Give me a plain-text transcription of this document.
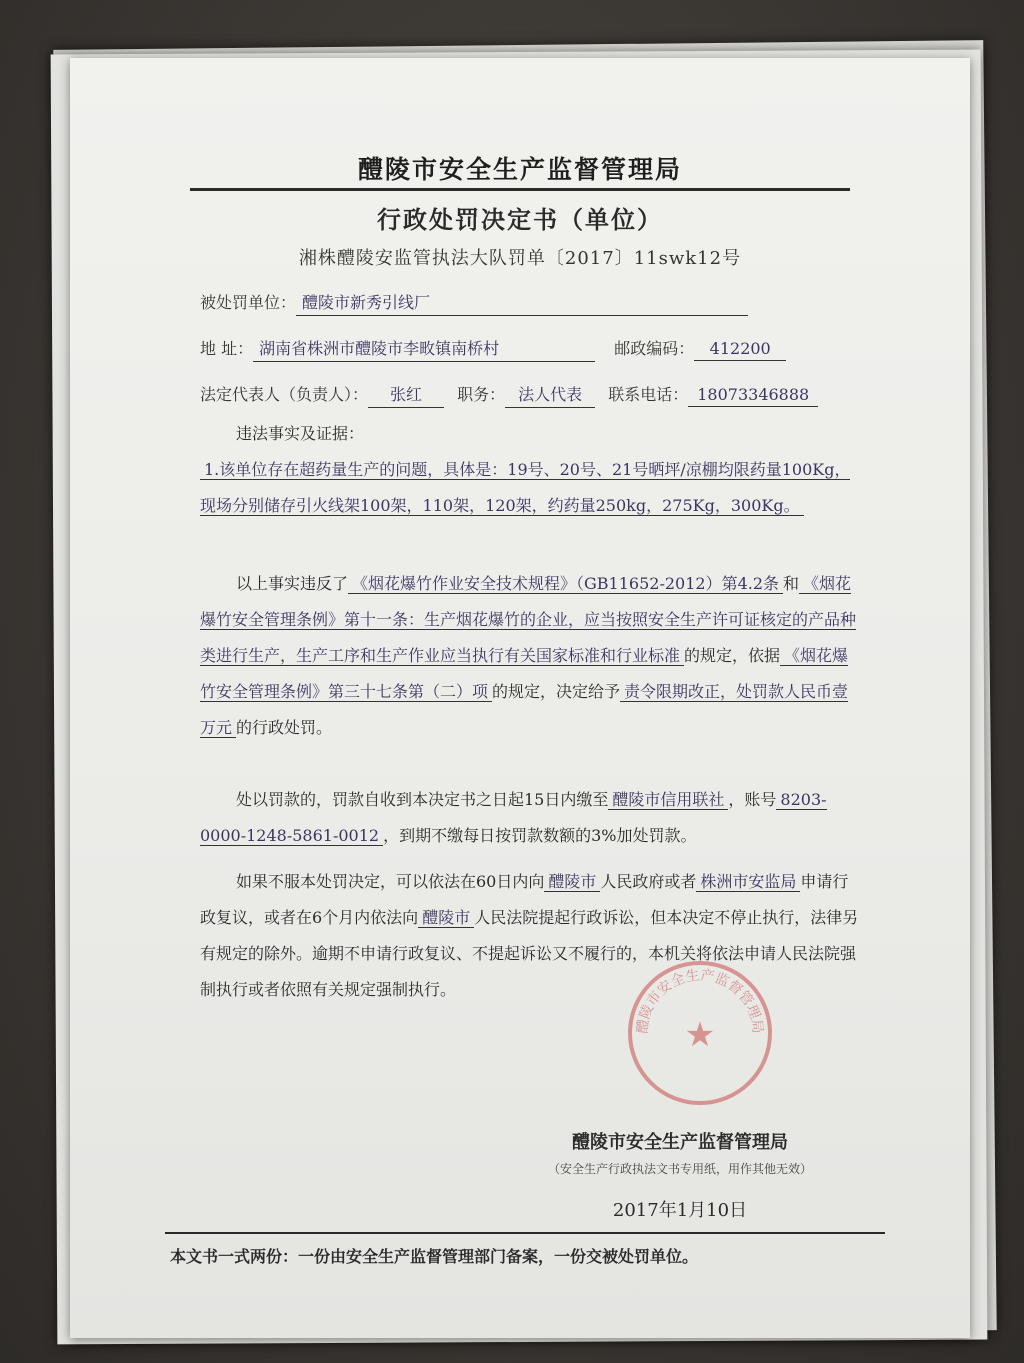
醴陵市安全生产监督管理局
行政处罚决定书（单位）
湘株醴陵安监管执法大队罚单〔2017〕11swk12号
被处罚单位： 醴陵市新秀引线厂
地 址： 湖南省株洲市醴陵市李畋镇南桥村	邮政编码： 412200
法定代表人（负责人）： 张红 职务： 法人代表 联系电话： 18073346888
违法事实及证据：
1.该单位存在超药量生产的问题，具体是：19号、20号、21号晒坪/凉棚均限药量100Kg，现场分别储存引火线架100架，110架，120架，约药量250kg，275Kg，300Kg。
以上事实违反了 《烟花爆竹作业安全技术规程》（GB11652-2012）第4.2条 和 《烟花爆竹安全管理条例》第十一条：生产烟花爆竹的企业，应当按照安全生产许可证核定的产品种类进行生产，生产工序和生产作业应当执行有关国家标准和行业标准 的规定，依据 《烟花爆竹安全管理条例》第三十七条第（二）项 的规定，决定给予 责令限期改正，处罚款人民币壹万元 的行政处罚。
处以罚款的，罚款自收到本决定书之日起15日内缴至 醴陵市信用联社 ，账号 8203-0000-1248-5861-0012 ，到期不缴每日按罚款数额的3%加处罚款。
如果不服本处罚决定，可以依法在60日内向 醴陵市 人民政府或者 株洲市安监局 申请行政复议，或者在6个月内依法向 醴陵市 人民法院提起行政诉讼，但本决定不停止执行，法律另有规定的除外。逾期不申请行政复议、不提起诉讼又不履行的，本机关将依法申请人民法院强制执行或者依照有关规定强制执行。
醴陵市安全生产监督管理局
★
醴陵市安全生产监督管理局
（安全生产行政执法文书专用纸，用作其他无效）
2017年1月10日
本文书一式两份：一份由安全生产监督管理部门备案，一份交被处罚单位。
